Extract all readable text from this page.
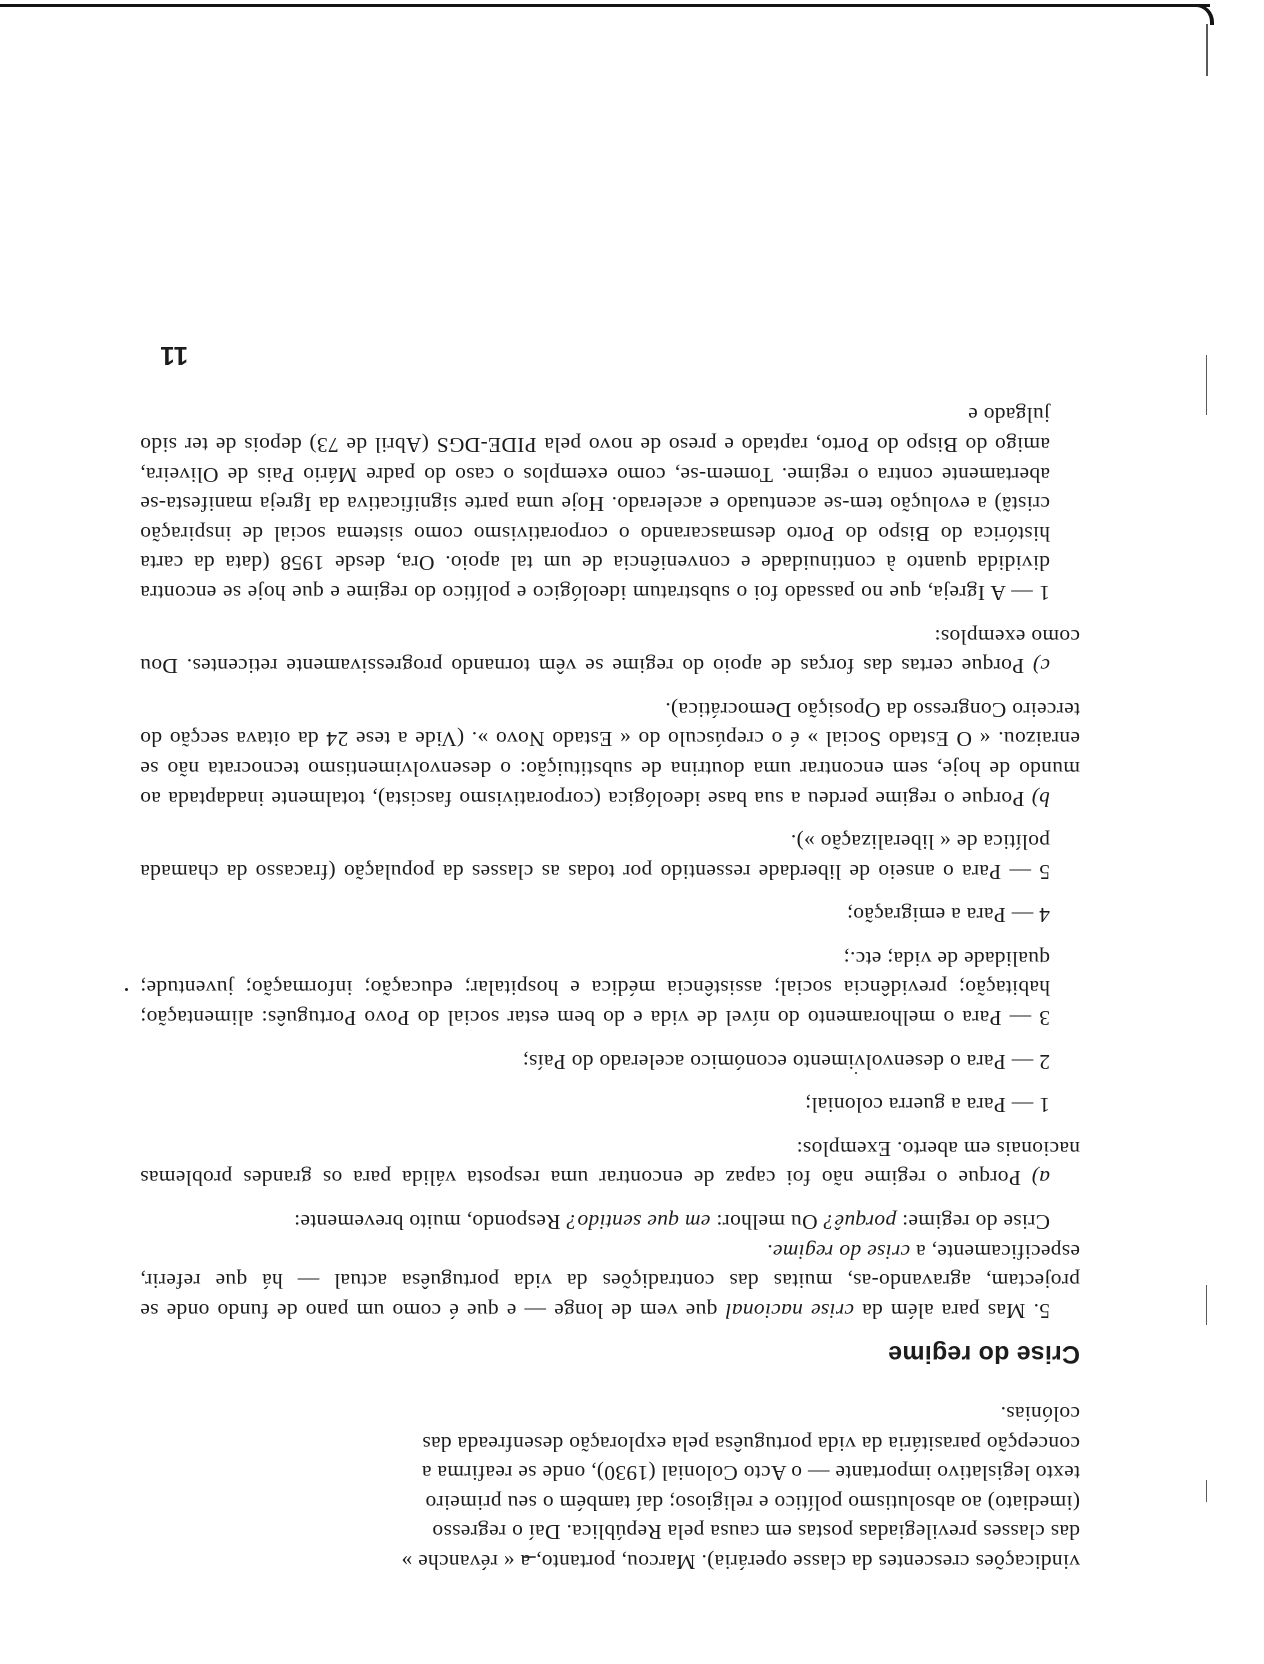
vindicações crescentes da classe operária). Marcou, portanto, a « révanche »
das classes previlegiadas postas em causa pela República. Daí o regresso
(imediato) ao absolutismo político e religioso; daí também o seu primeiro
texto legislativo importante — o Acto Colonial (1930), onde se reafirma a
concepção parasitária da vida portuguêsa pela exploração desenfreada das
colónias.
Crise do regime

5. Mas para além da crise nacional que vem de longe — e que é como um pano de fundo onde se projectam, agravando-as, muitas das contradições da vida portuguêsa actual — há que referir, especificamente, a crise do regime.

Crise do regime: porquê? Ou melhor: em que sentido? Respondo, muito brevemente:

a) Porque o regime não foi capaz de encontrar uma resposta válida para os grandes problemas nacionais em aberto. Exemplos:

1 — Para a guerra colonial;

2 — Para o desenvolvimento económico acelerado do País;

3 — Para o melhoramento do nível de vida e do bem estar social do Povo Português: alimentação; habitação; previdência social; assistência médica e hospitalar; educação; informação; juventude; qualidade de vida; etc.;

4 — Para a emigração;

5 — Para o anseio de liberdade ressentido por todas as classes da população (fracasso da chamada política de « liberalização »).

b) Porque o regime perdeu a sua base ideológica (corporativismo fascista), totalmente inadaptada ao mundo de hoje, sem encontrar uma doutrina de substituição: o desenvolvimentismo tecnocrata não se enraizou. « O Estado Social » é o crepúsculo do « Estado Novo ». (Vide a tese 24 da oitava secção do terceiro Congresso da Oposição Democrática).

c) Porque certas das forças de apoio do regime se vêm tornando progressivamente reticentes. Dou como exemplos:

1 — A Igreja, que no passado foi o substratum ideológico e político do regime e que hoje se encontra dividida quanto à continuidade e conveniência de um tal apoio. Ora, desde 1958 (data da carta histórica do Bispo do Porto desmascarando o corporativismo como sistema social de inspiração cristã) a evolução tem-se acentuado e acelerado. Hoje uma parte significativa da Igreja manifesta-se abertamente contra o regime. Tomem-se, como exemplos o caso do padre Mário Pais de Oliveira, amigo do Bispo do Porto, raptado e preso de novo pela PIDE-DGS (Abril de 73) depois de ter sido julgado e

11
